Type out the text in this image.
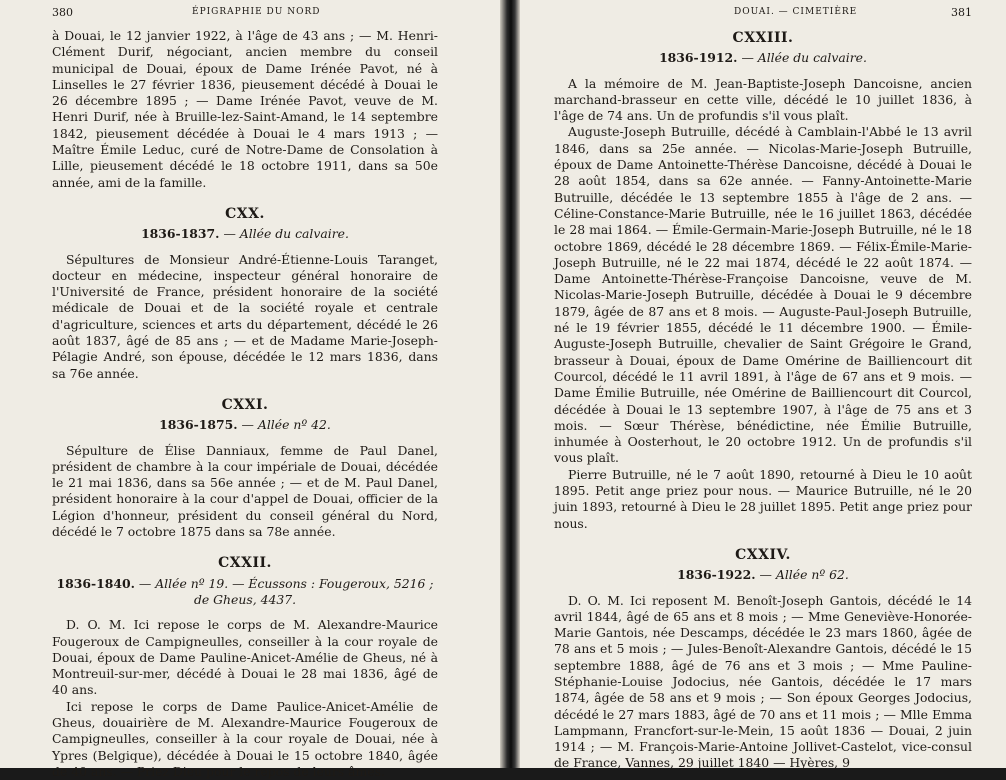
380	ÉPIGRAPHIE DU NORD

à Douai, le 12 janvier 1922, à l'âge de 43 ans ; — M. Henri-Clément Durif, négociant, ancien membre du conseil municipal de Douai, époux de Dame Irénée Pavot, né à Linselles le 27 février 1836, pieusement décédé à Douai le 26 décembre 1895 ; — Dame Irénée Pavot, veuve de M. Henri Durif, née à Bruille-lez-Saint-Amand, le 14 septembre 1842, pieusement décédée à Douai le 4 mars 1913 ; — Maître Émile Leduc, curé de Notre-Dame de Consolation à Lille, pieusement décédé le 18 octobre 1911, dans sa 50e année, ami de la famille.

CXX.
1836-1837. — Allée du calvaire.

Sépultures de Monsieur André-Étienne-Louis Taranget, docteur en médecine, inspecteur général honoraire de l'Université de France, président honoraire de la société médicale de Douai et de la société royale et centrale d'agriculture, sciences et arts du département, décédé le 26 août 1837, âgé de 85 ans ; — et de Madame Marie-Joseph-Pélagie André, son épouse, décédée le 12 mars 1836, dans sa 76e année.

CXXI.
1836-1875. — Allée nº 42.

Sépulture de Élise Danniaux, femme de Paul Danel, président de chambre à la cour impériale de Douai, décédée le 21 mai 1836, dans sa 56e année ; — et de M. Paul Danel, président honoraire à la cour d'appel de Douai, officier de la Légion d'honneur, président du conseil général du Nord, décédé le 7 octobre 1875 dans sa 78e année.

CXXII.
1836-1840. — Allée nº 19. — Écussons : Fougeroux, 5216 ; de Gheus, 4437.

D. O. M. Ici repose le corps de M. Alexandre-Maurice Fougeroux de Campigneulles, conseiller à la cour royale de Douai, époux de Dame Pauline-Anicet-Amélie de Gheus, né à Montreuil-sur-mer, décédé à Douai le 28 mai 1836, âgé de 40 ans.

Ici repose le corps de Dame Paulice-Anicet-Amélie de Gheus, douairière de M. Alexandre-Maurice Fougeroux de Campigneulles, conseiller à la cour royale de Douai, née à Ypres (Belgique), décédée à Douai le 15 octobre 1840, âgée de 40 ans. — Priez Dieu pour le repos de leurs âmes.

DOUAI. — CIMETIÈRE	381
CXXIII.
1836-1912. — Allée du calvaire.

A la mémoire de M. Jean-Baptiste-Joseph Dancoisne, ancien marchand-brasseur en cette ville, décédé le 10 juillet 1836, à l'âge de 74 ans. Un de profundis s'il vous plaît.

Auguste-Joseph Butruille, décédé à Camblain-l'Abbé le 13 avril 1846, dans sa 25e année. — Nicolas-Marie-Joseph Butruille, époux de Dame Antoinette-Thérèse Dancoisne, décédé à Douai le 28 août 1854, dans sa 62e année. — Fanny-Antoinette-Marie Butruille, décédée le 13 septembre 1855 à l'âge de 2 ans. — Céline-Constance-Marie Butruille, née le 16 juillet 1863, décédée le 28 mai 1864. — Émile-Germain-Marie-Joseph Butruille, né le 18 octobre 1869, décédé le 28 décembre 1869. — Félix-Émile-Marie-Joseph Butruille, né le 22 mai 1874, décédé le 22 août 1874. — Dame Antoinette-Thérèse-Françoise Dancoisne, veuve de M. Nicolas-Marie-Joseph Butruille, décédée à Douai le 9 décembre 1879, âgée de 87 ans et 8 mois. — Auguste-Paul-Joseph Butruille, né le 19 février 1855, décédé le 11 décembre 1900. — Émile-Auguste-Joseph Butruille, chevalier de Saint Grégoire le Grand, brasseur à Douai, époux de Dame Omérine de Bailliencourt dit Courcol, décédé le 11 avril 1891, à l'âge de 67 ans et 9 mois. — Dame Émilie Butruille, née Omérine de Bailliencourt dit Courcol, décédée à Douai le 13 septembre 1907, à l'âge de 75 ans et 3 mois. — Sœur Thérèse, bénédictine, née Émilie Butruille, inhumée à Oosterhout, le 20 octobre 1912. Un de profundis s'il vous plaît.

Pierre Butruille, né le 7 août 1890, retourné à Dieu le 10 août 1895. Petit ange priez pour nous. — Maurice Butruille, né le 20 juin 1893, retourné à Dieu le 28 juillet 1895. Petit ange priez pour nous.

CXXIV.
1836-1922. — Allée nº 62.

D. O. M. Ici reposent M. Benoît-Joseph Gantois, décédé le 14 avril 1844, âgé de 65 ans et 8 mois ; — Mme Geneviève-Honorée-Marie Gantois, née Descamps, décédée le 23 mars 1860, âgée de 78 ans et 5 mois ; — Jules-Benoît-Alexandre Gantois, décédé le 15 septembre 1888, âgé de 76 ans et 3 mois ; — Mme Pauline-Stéphanie-Louise Jodocius, née Gantois, décédée le 17 mars 1874, âgée de 58 ans et 9 mois ; — Son époux Georges Jodocius, décédé le 27 mars 1883, âgé de 70 ans et 11 mois ; — Mlle Emma Lampmann, Francfort-sur-le-Mein, 15 août 1836 — Douai, 2 juin 1914 ; — M. François-Marie-Antoine Jollivet-Castelot, vice-consul de France, Vannes, 29 juillet 1840 — Hyères, 9
